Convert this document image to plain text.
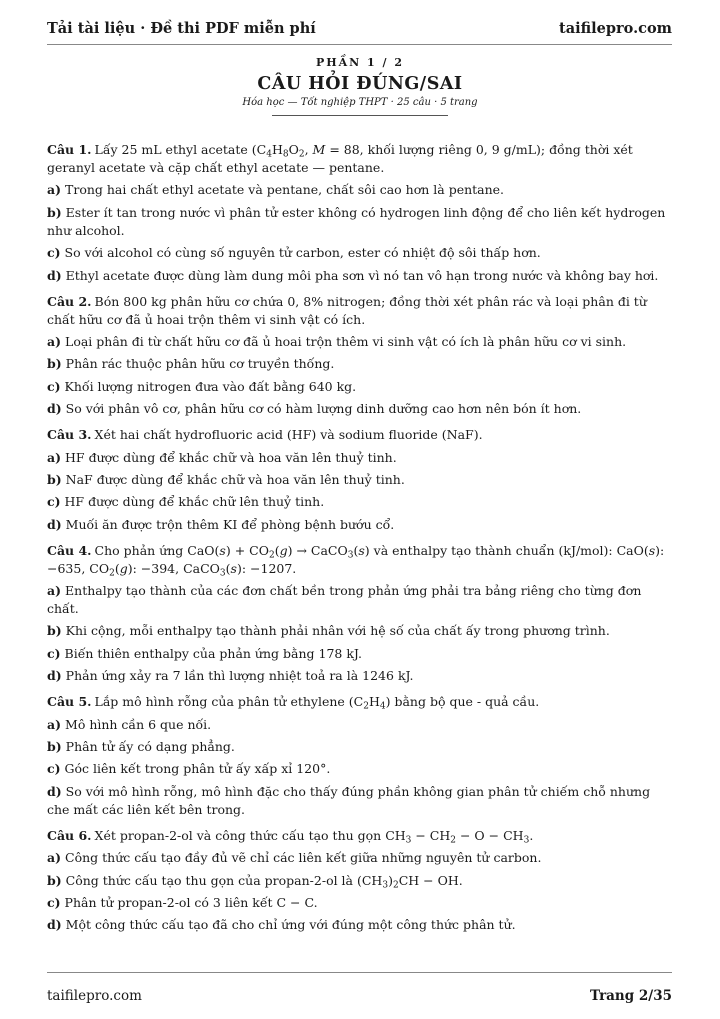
Tải tài liệu · Đề thi PDF miễn phí	taifilepro.com
PHẦN 1 / 2
CÂU HỎI ĐÚNG/SAI
Hóa học — Tốt nghiệp THPT · 25 câu · 5 trang
Câu 1. Lấy 25 mL ethyl acetate ($C_4H_8O_2$, M = 88, khối lượng riêng 0, 9 g/mL); đồng thời xét geranyl acetate và cặp chất ethyl acetate — pentane.
a) Trong hai chất ethyl acetate và pentane, chất sôi cao hơn là pentane.
b) Ester ít tan trong nước vì phân tử ester không có hydrogen linh động để cho liên kết hydrogen như alcohol.
c) So với alcohol có cùng số nguyên tử carbon, ester có nhiệt độ sôi thấp hơn.
d) Ethyl acetate được dùng làm dung môi pha sơn vì nó tan vô hạn trong nước và không bay hơi.
Câu 2. Bón 800 kg phân hữu cơ chứa 0, 8% nitrogen; đồng thời xét phân rác và loại phân đi từ chất hữu cơ đã ủ hoai trộn thêm vi sinh vật có ích.
a) Loại phân đi từ chất hữu cơ đã ủ hoai trộn thêm vi sinh vật có ích là phân hữu cơ vi sinh.
b) Phân rác thuộc phân hữu cơ truyền thống.
c) Khối lượng nitrogen đưa vào đất bằng 640 kg.
d) So với phân vô cơ, phân hữu cơ có hàm lượng dinh dưỡng cao hơn nên bón ít hơn.
Câu 3. Xét hai chất hydrofluoric acid (HF) và sodium fluoride (NaF).
a) HF được dùng để khắc chữ và hoa văn lên thuỷ tinh.
b) NaF được dùng để khắc chữ và hoa văn lên thuỷ tinh.
c) HF được dùng để khắc chữ lên thuỷ tinh.
d) Muối ăn được trộn thêm KI để phòng bệnh bướu cổ.
Câu 4. Cho phản ứng $CaO(s) + CO_2(g)$ → CaCO$_3$(s) và enthalpy tạo thành chuẩn (kJ/mol): CaO(s): −635, $CO_2(g)$: −394, CaCO$_3$(s): −1207.
a) Enthalpy tạo thành của các đơn chất bền trong phản ứng phải tra bảng riêng cho từng đơn chất.
b) Khi cộng, mỗi enthalpy tạo thành phải nhân với hệ số của chất ấy trong phương trình.
c) Biến thiên enthalpy của phản ứng bằng 178 kJ.
d) Phản ứng xảy ra 7 lần thì lượng nhiệt toả ra là 1246 kJ.
Câu 5. Lắp mô hình rỗng của phân tử ethylene $(C_2H_4)$ bằng bộ que - quả cầu.
a) Mô hình cần 6 que nối.
b) Phân tử ấy có dạng phẳng.
c) Góc liên kết trong phân tử ấy xấp xỉ 120°.
d) So với mô hình rỗng, mô hình đặc cho thấy đúng phần không gian phân tử chiếm chỗ nhưng che mất các liên kết bên trong.
Câu 6. Xét propan-2-ol và công thức cấu tạo thu gọn $CH_3 - CH_2 - O - CH_3$.
a) Công thức cấu tạo đầy đủ vẽ chỉ các liên kết giữa những nguyên tử carbon.
b) Công thức cấu tạo thu gọn của propan-2-ol là $(CH_3)_2CH$ − OH.
c) Phân tử propan-2-ol có 3 liên kết C − C.
d) Một công thức cấu tạo đã cho chỉ ứng với đúng một công thức phân tử.
taifilepro.com	Trang 2/35
